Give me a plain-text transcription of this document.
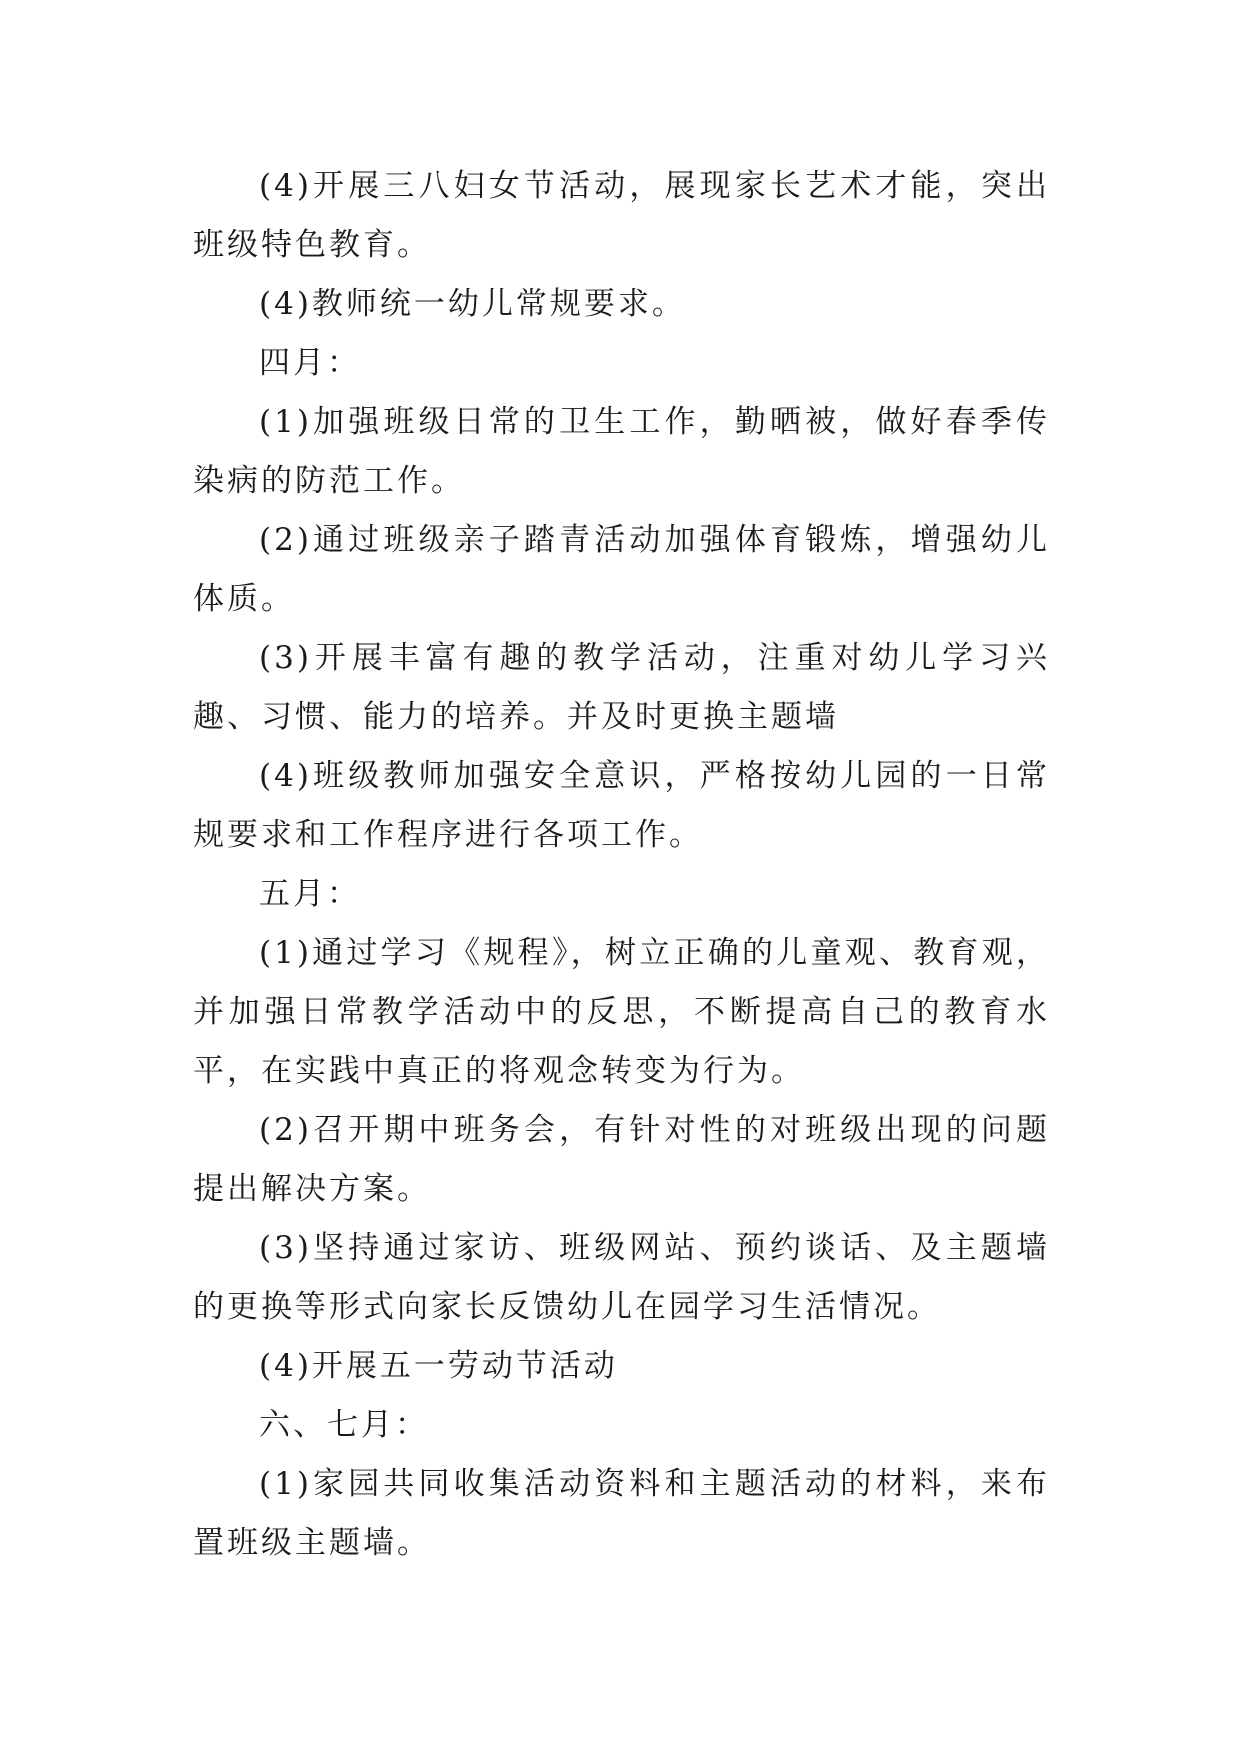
(4)开展三八妇女节活动，展现家长艺术才能，突出班级特色教育。

(4)教师统一幼儿常规要求。

四月：

(1)加强班级日常的卫生工作，勤晒被，做好春季传染病的防范工作。

(2)通过班级亲子踏青活动加强体育锻炼，增强幼儿体质。

(3)开展丰富有趣的教学活动，注重对幼儿学习兴趣、习惯、能力的培养。并及时更换主题墙

(4)班级教师加强安全意识，严格按幼儿园的一日常规要求和工作程序进行各项工作。

五月：

(1)通过学习《规程》，树立正确的儿童观、教育观，并加强日常教学活动中的反思，不断提高自己的教育水平，在实践中真正的将观念转变为行为。

(2)召开期中班务会，有针对性的对班级出现的问题提出解决方案。

(3)坚持通过家访、班级网站、预约谈话、及主题墙的更换等形式向家长反馈幼儿在园学习生活情况。

(4)开展五一劳动节活动

六、七月：

(1)家园共同收集活动资料和主题活动的材料，来布置班级主题墙。
